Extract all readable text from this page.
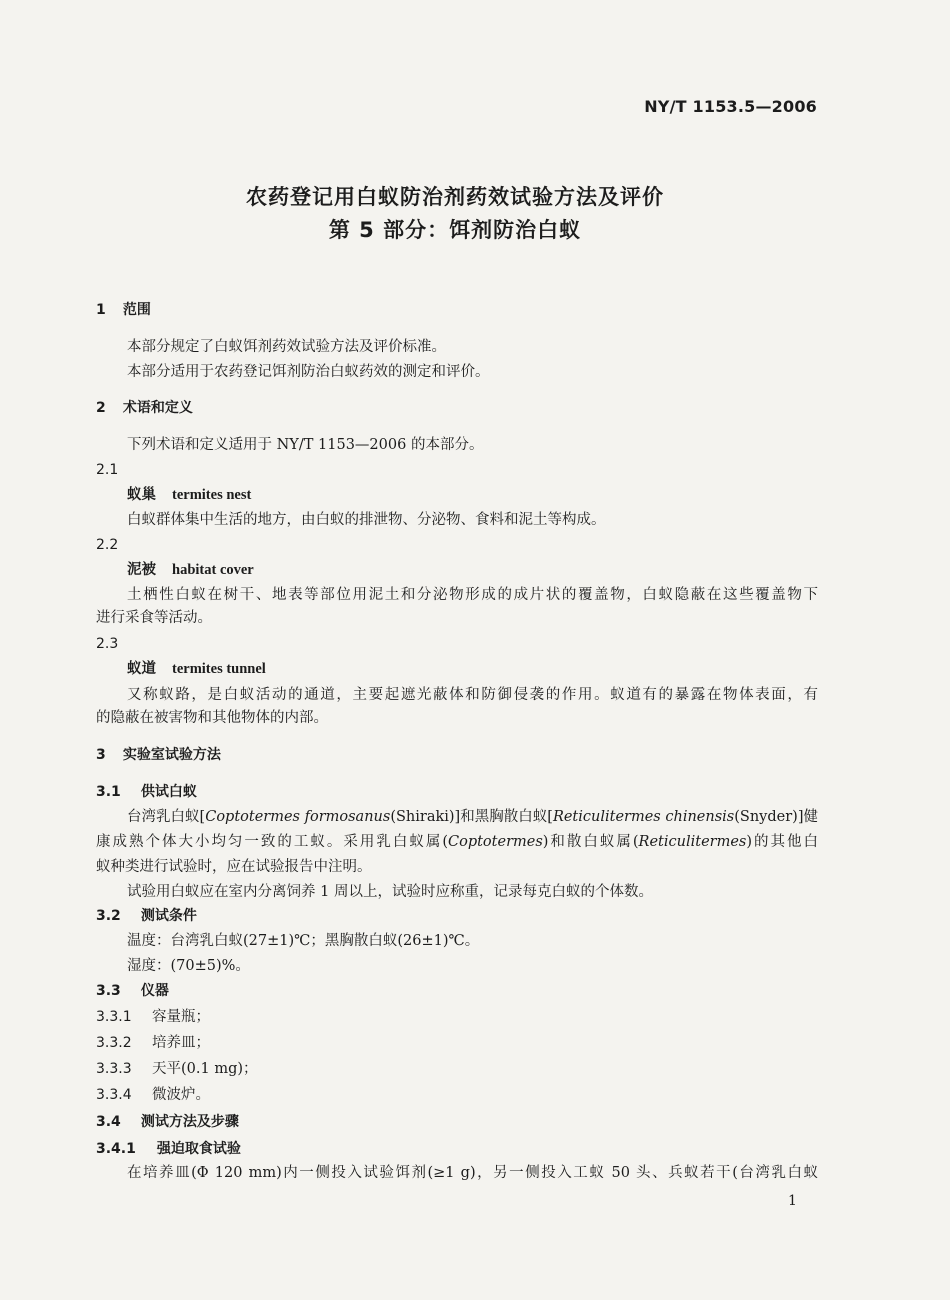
NY/T 1153.5—2006
农药登记用白蚁防治剂药效试验方法及评价
第 5 部分：饵剂防治白蚁
1 范围
本部分规定了白蚁饵剂药效试验方法及评价标准。
本部分适用于农药登记饵剂防治白蚁药效的测定和评价。
2 术语和定义
下列术语和定义适用于 NY/T 1153—2006 的本部分。
2.1
蚁巢 termites nest
白蚁群体集中生活的地方，由白蚁的排泄物、分泌物、食料和泥土等构成。
2.2
泥被 habitat cover
土栖性白蚁在树干、地表等部位用泥土和分泌物形成的成片状的覆盖物，白蚁隐蔽在这些覆盖物下
进行采食等活动。
2.3
蚁道 termites tunnel
又称蚁路，是白蚁活动的通道，主要起遮光蔽体和防御侵袭的作用。蚁道有的暴露在物体表面，有
的隐蔽在被害物和其他物体的内部。
3 实验室试验方法
3.1 供试白蚁
台湾乳白蚁[Coptotermes formosanus(Shiraki)]和黑胸散白蚁[Reticulitermes chinensis(Snyder)]健
康成熟个体大小均匀一致的工蚁。采用乳白蚁属(Coptotermes)和散白蚁属(Reticulitermes)的其他白
蚁种类进行试验时，应在试验报告中注明。
试验用白蚁应在室内分离饲养 1 周以上，试验时应称重，记录每克白蚁的个体数。
3.2 测试条件
温度：台湾乳白蚁(27±1)℃；黑胸散白蚁(26±1)℃。
湿度：(70±5)%。
3.3 仪器
3.3.1 容量瓶；
3.3.2 培养皿；
3.3.3 天平(0.1 mg)；
3.3.4 微波炉。
3.4 测试方法及步骤
3.4.1 强迫取食试验
在培养皿(Φ 120 mm)内一侧投入试验饵剂(≥1 g)，另一侧投入工蚁 50 头、兵蚁若干(台湾乳白蚁
1
